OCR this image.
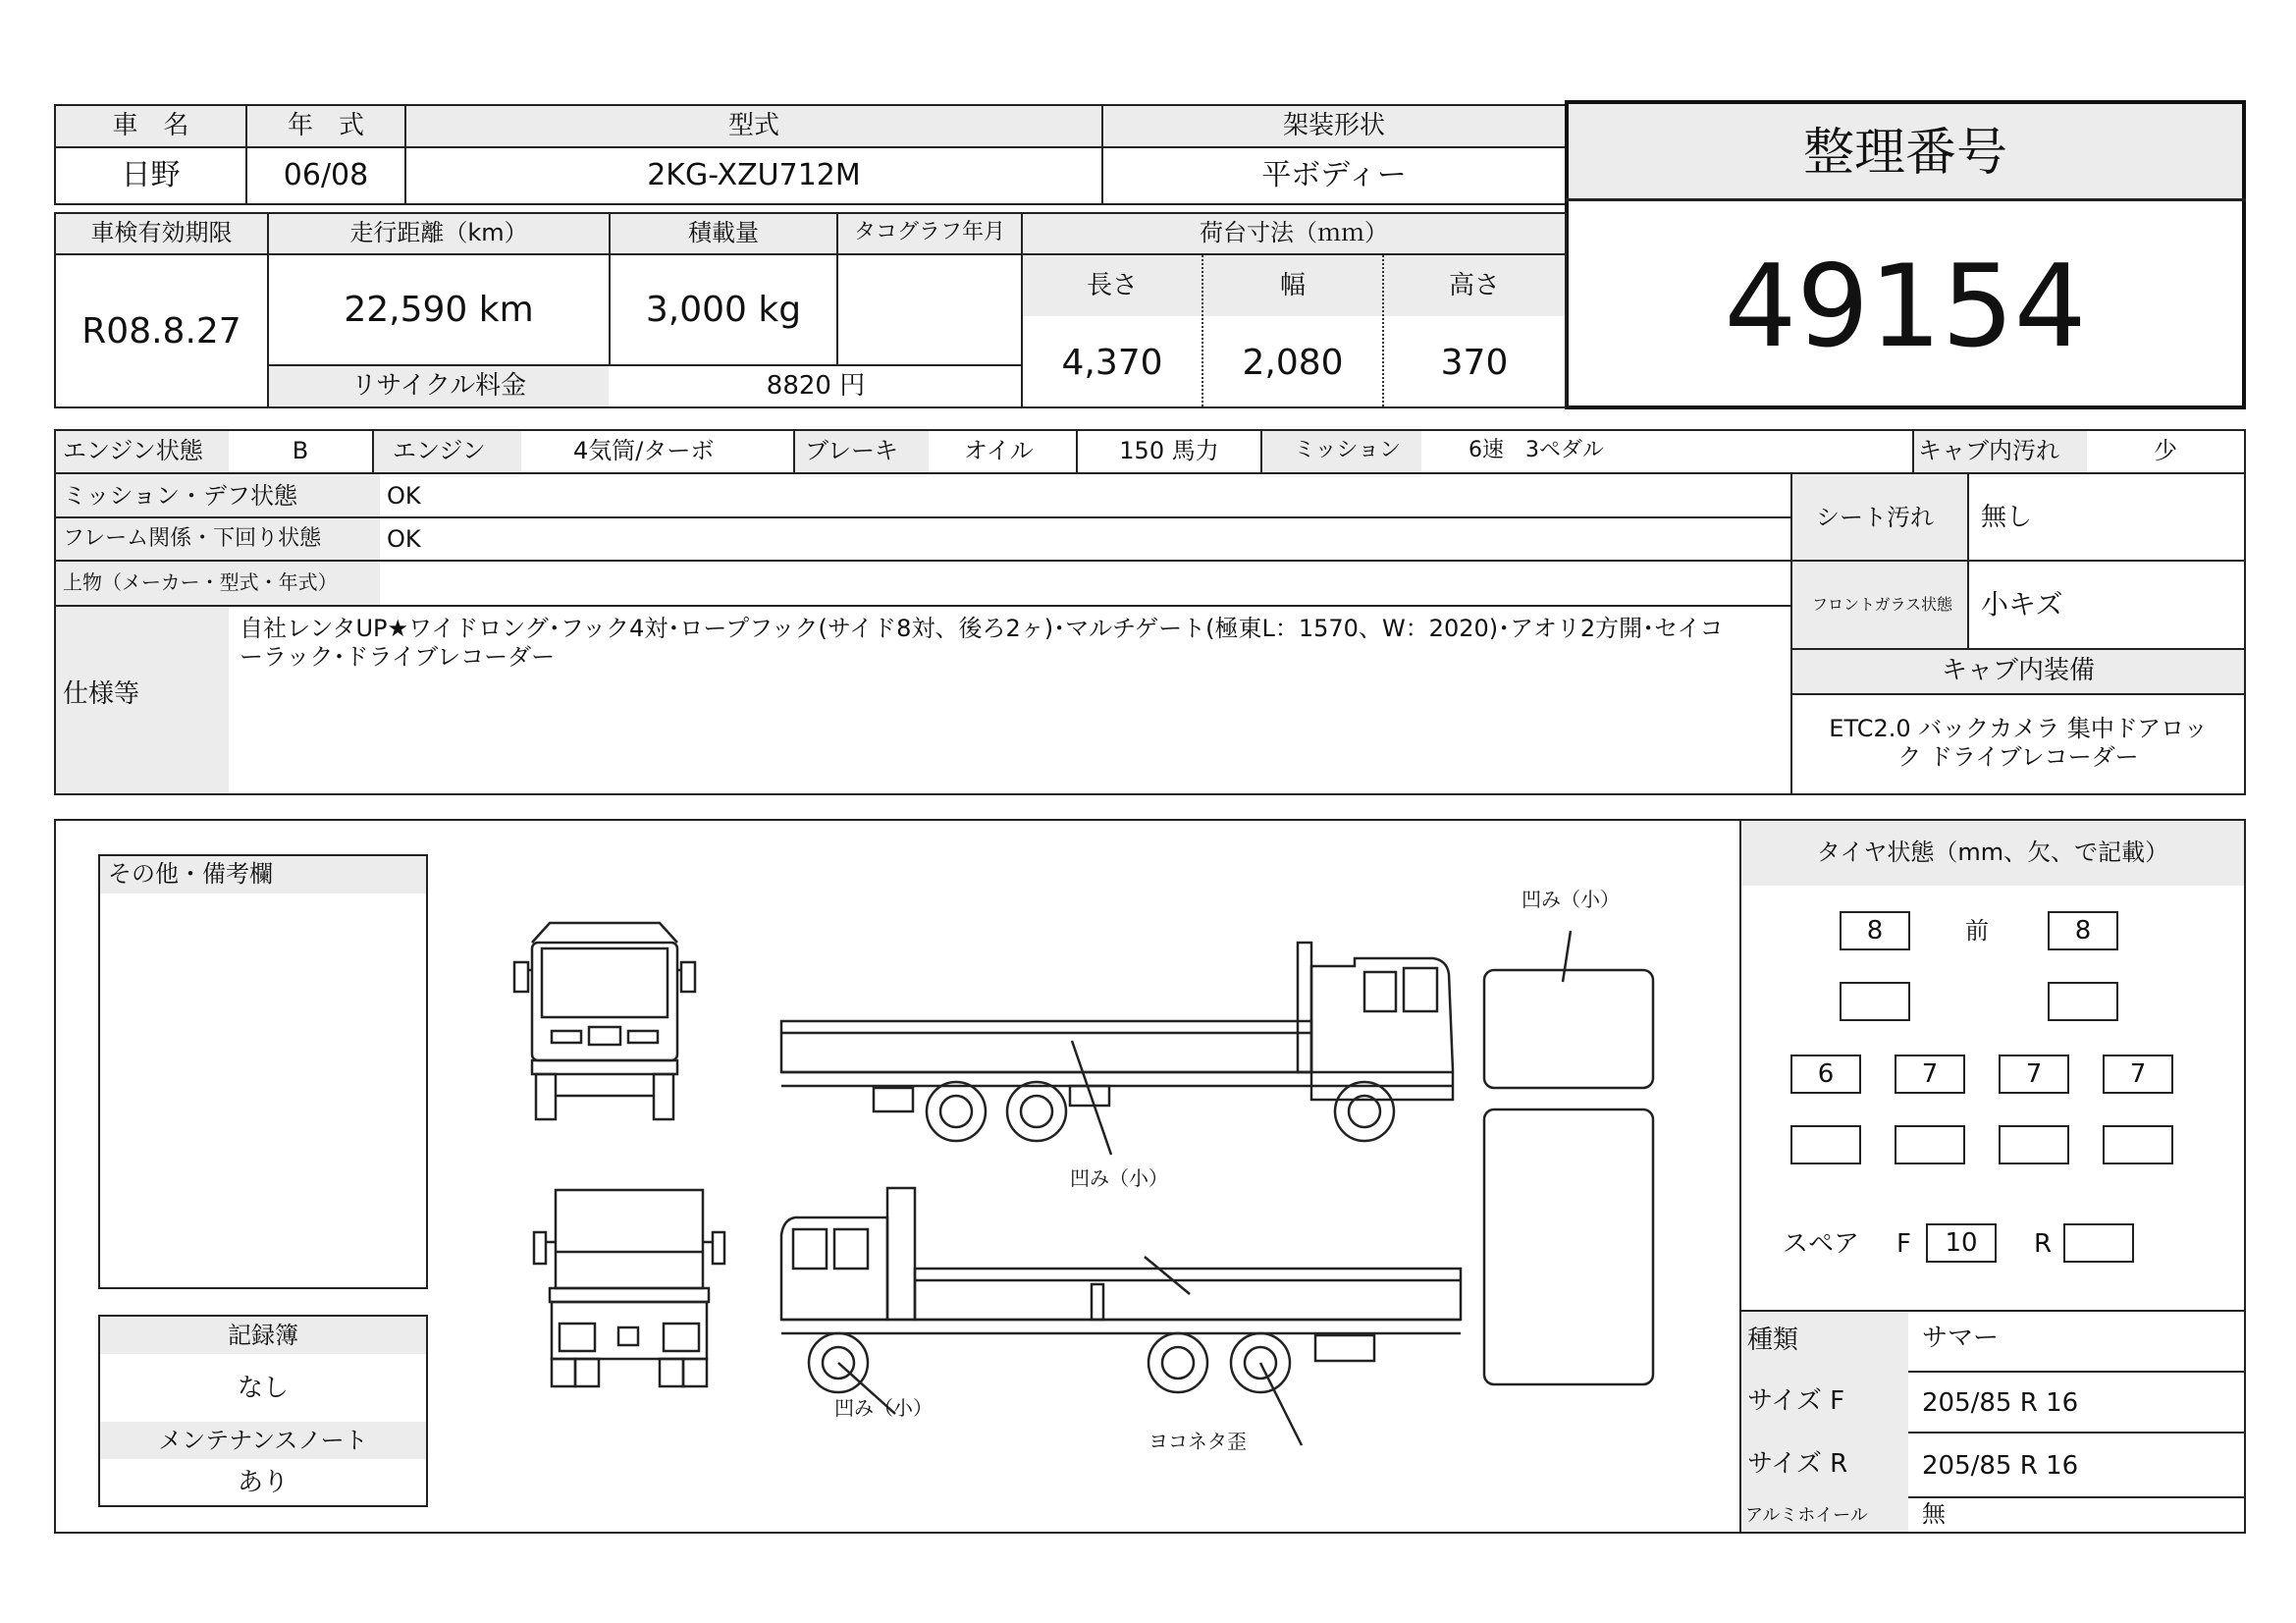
車　名	年　式	型式	架装形状
日野	06/08	2KG-XZU712M	平ボディー	整理番号
49154
車検有効期限	走行距離（km）	積載量	タコグラフ年月	荷台寸法（ｍｍ）
R08.8.27
22,590 km	3,000 kg
リサイクル料金	8820 円
長さ	幅	高さ
4,370	2,080	370
エンジン状態	B	エンジン	4気筒/ターボ	ブレーキ	オイル	150 馬力	ミッション	6速　3ペダル	キャブ内汚れ	少
ミッション・デフ状態	OK
フレーム関係・下回り状態	OK
上物（メーカー・型式・年式）
仕様等
自社レンタUP★ワイドロング･フック4対･ロープフック(サイド8対、後ろ2ヶ)･マルチゲート(極東L：1570、W：2020)･アオリ2方開･セイコ
ーラック･ドライブレコーダー
シート汚れ 無し
フロントガラス状態 小キズ
キャブ内装備
ETC2.0 バックカメラ 集中ドアロッ
ク ドライブレコーダー
その他・備考欄
記録簿
なし
メンテナンスノート
あり
凹み（小）
凹み（小）
凹み（小）
ヨコネタ歪
タイヤ状態（mm、欠、で記載）
8	前	8
6	7	7	7
スペア F	10	R
種類	サマー
サイズ F	205/85 R 16
サイズ R	205/85 R 16
アルミホイール 無
